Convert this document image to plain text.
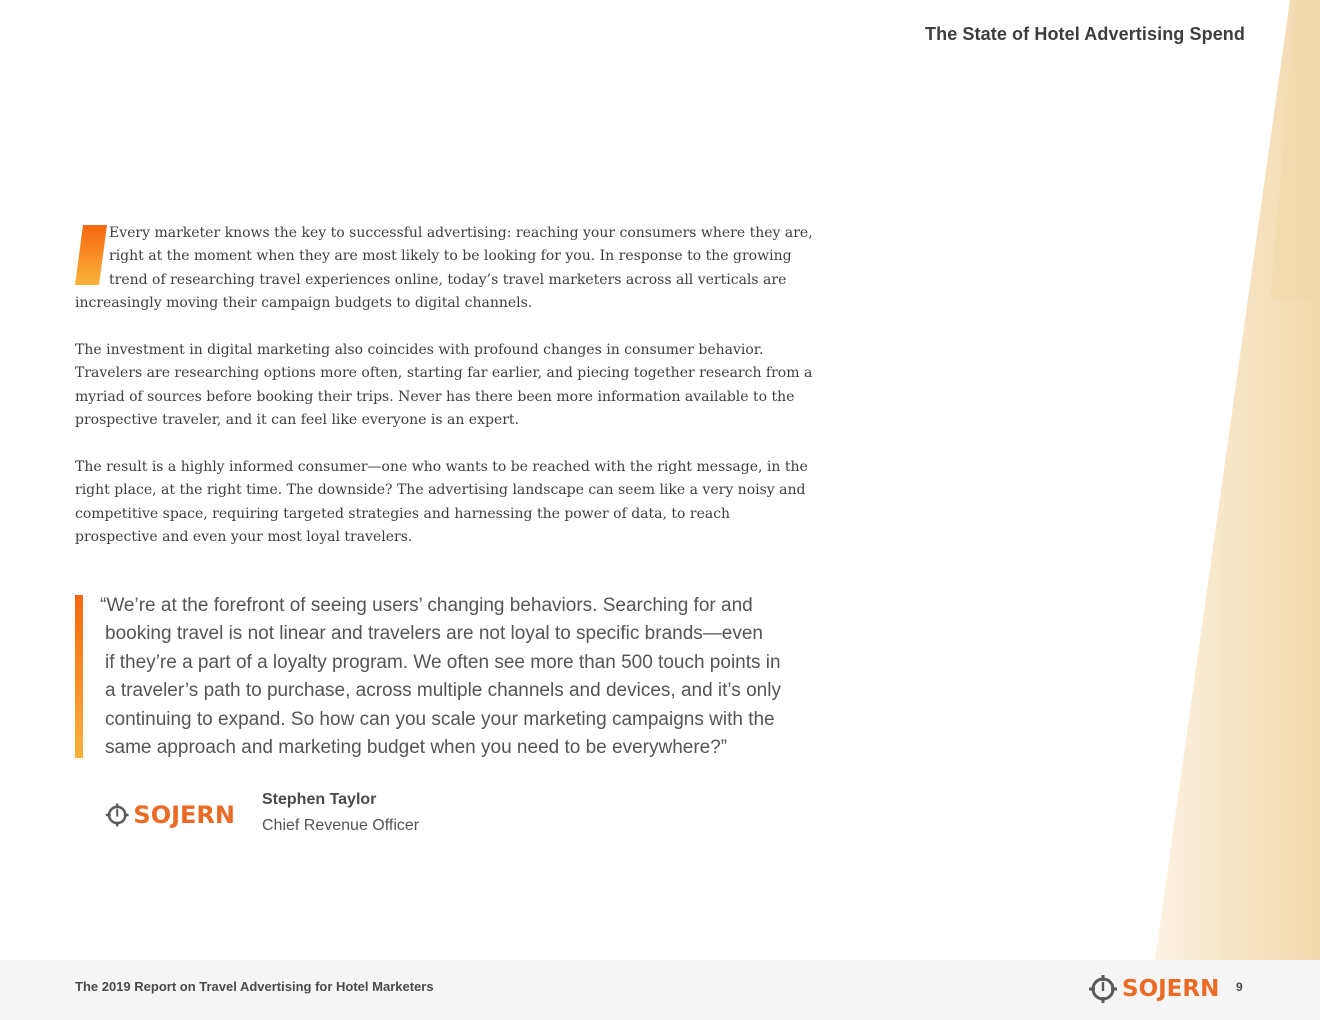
The State of Hotel Advertising Spend

Every marketer knows the key to successful advertising: reaching your consumers where they are,
right at the moment when they are most likely to be looking for you. In response to the growing
trend of researching travel experiences online, today’s travel marketers across all verticals are
increasingly moving their campaign budgets to digital channels.

The investment in digital marketing also coincides with profound changes in consumer behavior. Travelers are researching options more often, starting far earlier, and piecing together research from a myriad of sources before booking their trips. Never has there been more information available to the prospective traveler, and it can feel like everyone is an expert.

The result is a highly informed consumer—one who wants to be reached with the right message, in the right place, at the right time. The downside? The advertising landscape can seem like a very noisy and competitive space, requiring targeted strategies and harnessing the power of data, to reach prospective and even your most loyal travelers.

“We’re at the forefront of seeing users’ changing behaviors. Searching for and
booking travel is not linear and travelers are not loyal to specific brands—even
if they’re a part of a loyalty program. We often see more than 500 touch points in
a traveler’s path to purchase, across multiple channels and devices, and it’s only
continuing to expand. So how can you scale your marketing campaigns with the
same approach and marketing budget when you need to be everywhere?”
SOJERN
Stephen Taylor
Chief Revenue Officer
The 2019 Report on Travel Advertising for Hotel Marketers	SOJERN 9
